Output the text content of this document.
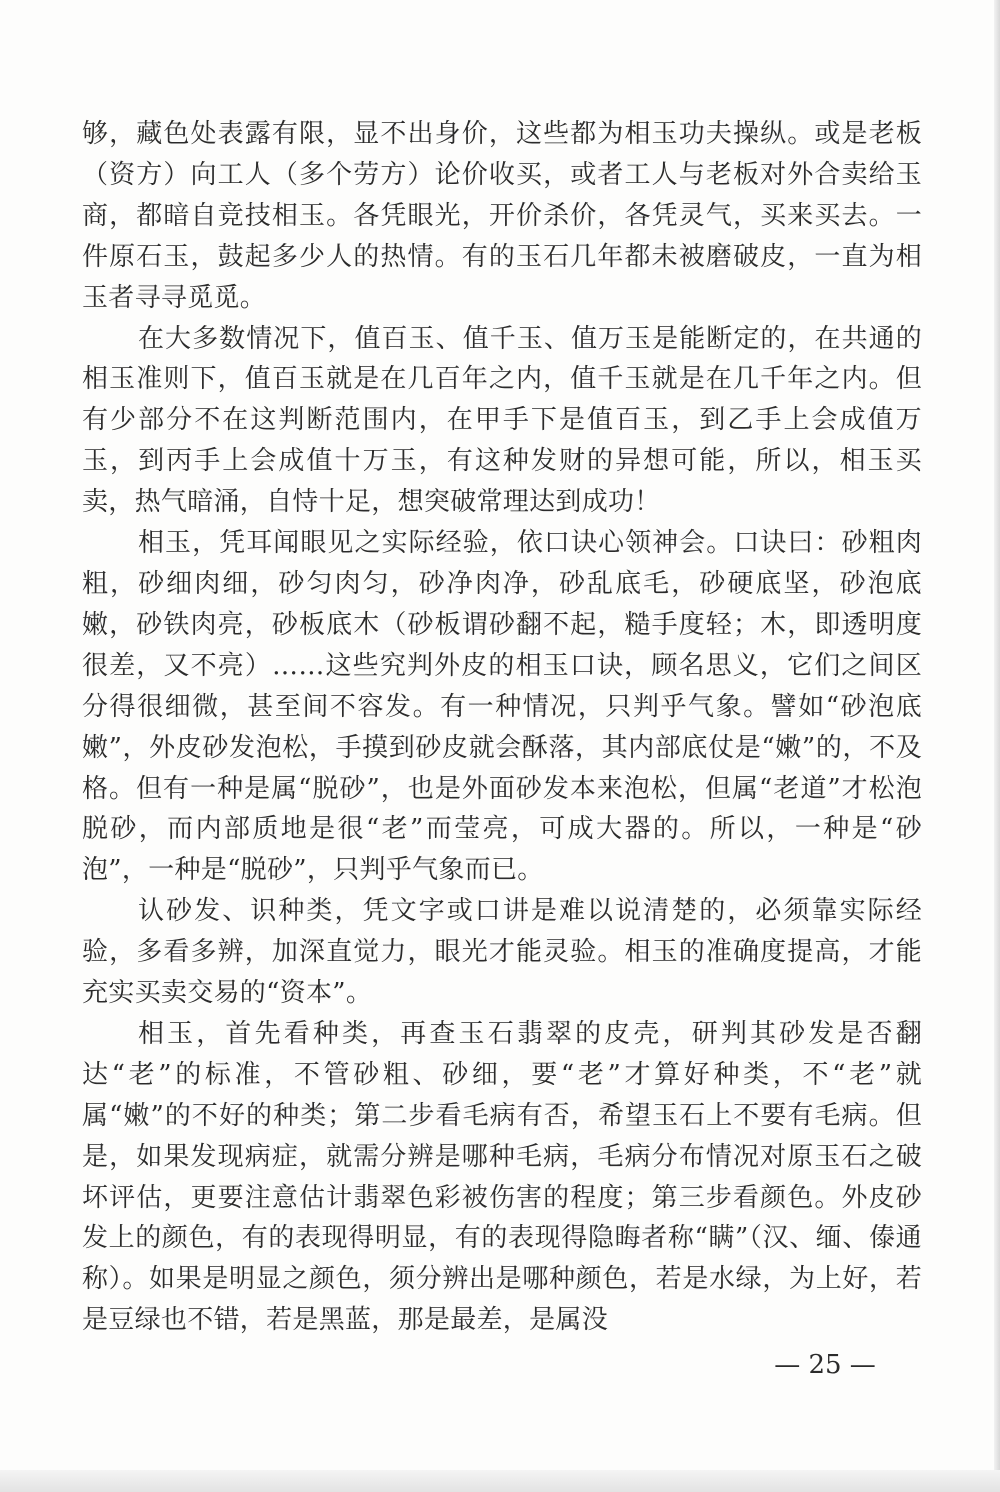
够，藏色处表露有限，显不出身价，这些都为相玉功夫操纵。或是老板（资方）向工人（多个劳方）论价收买，或者工人与老板对外合卖给玉商，都暗自竞技相玉。各凭眼光，开价杀价，各凭灵气，买来买去。一件原石玉，鼓起多少人的热情。有的玉石几年都未被磨破皮，一直为相玉者寻寻觅觅。

在大多数情况下，值百玉、值千玉、值万玉是能断定的，在共通的相玉准则下，值百玉就是在几百年之内，值千玉就是在几千年之内。但有少部分不在这判断范围内，在甲手下是值百玉，到乙手上会成值万玉，到丙手上会成值十万玉，有这种发财的异想可能，所以，相玉买卖，热气暗涌，自恃十足，想突破常理达到成功！

相玉，凭耳闻眼见之实际经验，依口诀心领神会。口诀曰：砂粗肉粗，砂细肉细，砂匀肉匀，砂净肉净，砂乱底毛，砂硬底坚，砂泡底嫩，砂铁肉亮，砂板底木（砂板谓砂翻不起，糙手度轻；木，即透明度很差，又不亮）……这些究判外皮的相玉口诀，顾名思义，它们之间区分得很细微，甚至间不容发。有一种情况，只判乎气象。譬如“砂泡底嫩”，外皮砂发泡松，手摸到砂皮就会酥落，其内部底仗是“嫩”的，不及格。但有一种是属“脱砂”，也是外面砂发本来泡松，但属“老道”才松泡脱砂，而内部质地是很“老”而莹亮，可成大器的。所以，一种是“砂泡”，一种是“脱砂”，只判乎气象而已。

认砂发、识种类，凭文字或口讲是难以说清楚的，必须靠实际经验，多看多辨，加深直觉力，眼光才能灵验。相玉的准确度提高，才能充实买卖交易的“资本”。

相玉，首先看种类，再查玉石翡翠的皮壳，研判其砂发是否翻达“老”的标准，不管砂粗、砂细，要“老”才算好种类，不“老”就属“嫩”的不好的种类；第二步看毛病有否，希望玉石上不要有毛病。但是，如果发现病症，就需分辨是哪种毛病，毛病分布情况对原玉石之破坏评估，更要注意估计翡翠色彩被伤害的程度；第三步看颜色。外皮砂发上的颜色，有的表现得明显，有的表现得隐晦者称“瞒”（汉、缅、傣通称）。如果是明显之颜色，须分辨出是哪种颜色，若是水绿，为上好，若是豆绿也不错，若是黑蓝，那是最差，是属没

— 25 —
